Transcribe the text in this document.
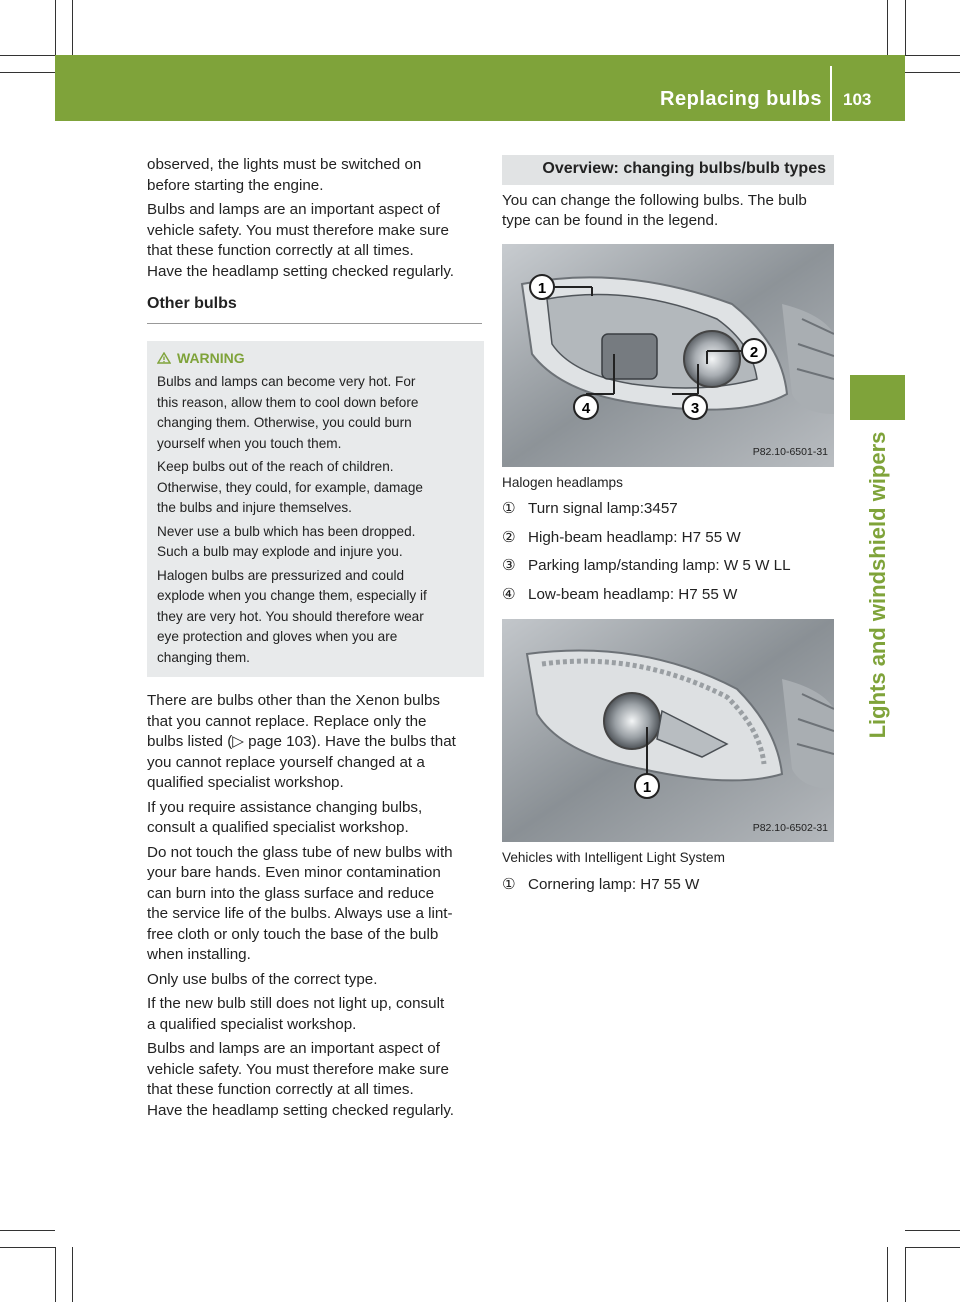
Replacing bulbs 103
Lights and windshield wipers

observed, the lights must be switched on
before starting the engine.

Bulbs and lamps are an important aspect of
vehicle safety. You must therefore make sure
that these function correctly at all times.
Have the headlamp setting checked regularly.

Other bulbs
WARNING

Bulbs and lamps can become very hot. For
this reason, allow them to cool down before
changing them. Otherwise, you could burn
yourself when you touch them.

Keep bulbs out of the reach of children.
Otherwise, they could, for example, damage
the bulbs and injure themselves.

Never use a bulb which has been dropped.
Such a bulb may explode and injure you.

Halogen bulbs are pressurized and could
explode when you change them, especially if
they are very hot. You should therefore wear
eye protection and gloves when you are
changing them.

There are bulbs other than the Xenon bulbs
that you cannot replace. Replace only the
bulbs listed (▷ page 103). Have the bulbs that
you cannot replace yourself changed at a
qualified specialist workshop.

If you require assistance changing bulbs,
consult a qualified specialist workshop.

Do not touch the glass tube of new bulbs with
your bare hands. Even minor contamination
can burn into the glass surface and reduce
the service life of the bulbs. Always use a lint-
free cloth or only touch the base of the bulb
when installing.

Only use bulbs of the correct type.

If the new bulb still does not light up, consult
a qualified specialist workshop.

Bulbs and lamps are an important aspect of
vehicle safety. You must therefore make sure
that these function correctly at all times.
Have the headlamp setting checked regularly.

Overview: changing bulbs/bulb types

You can change the following bulbs. The bulb
type can be found in the legend.

1
2
3
4
P82.10-6501-31
Halogen headlamps
① Turn signal lamp:3457
② High-beam headlamp: H7 55 W
③ Parking lamp/standing lamp: W 5 W LL
④ Low-beam headlamp: H7 55 W
1
P82.10-6502-31
Vehicles with Intelligent Light System
① Cornering lamp: H7 55 W
